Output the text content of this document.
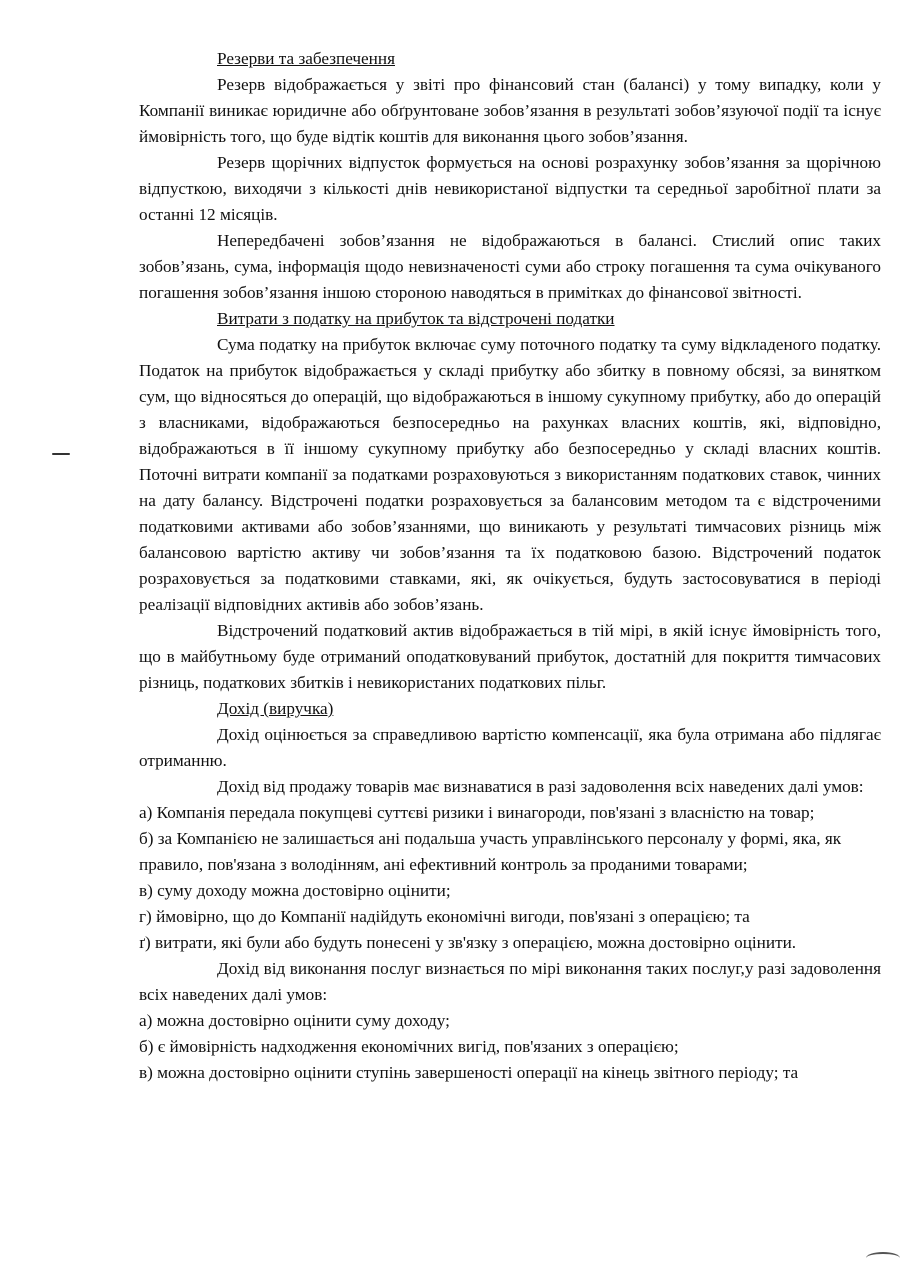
Резерви та забезпечення

Резерв відображається у звіті про фінансовий стан (балансі) у тому випадку, коли у Компанії виникає юридичне або обґрунтоване зобов’язання в результаті зобов’язуючої події та існує ймовірність того, що буде відтік коштів для виконання цього зобов’язання.

Резерв щорічних відпусток формується на основі розрахунку зобов’язання за щорічною відпусткою, виходячи з кількості днів невикористаної відпустки та середньої заробітної плати за останні 12 місяців.

Непередбачені зобов’язання не відображаються в балансі. Стислий опис таких зобов’язань, сума, інформація щодо невизначеності суми або строку погашення та сума очікуваного погашення зобов’язання іншою стороною наводяться в примітках до фінансової звітності.

Витрати з податку на прибуток та відстрочені податки

Сума податку на прибуток включає суму поточного податку та суму відкладеного податку. Податок на прибуток відображається у складі прибутку або збитку в повному обсязі, за винятком сум, що відносяться до операцій, що відображаються в іншому сукупному прибутку, або до операцій з власниками, відображаються безпосередньо на рахунках власних коштів, які, відповідно, відображаються в її іншому сукупному прибутку або безпосередньо у складі власних коштів. Поточні витрати компанії за податками розраховуються з використанням податкових ставок, чинних на дату балансу. Відстрочені податки розраховується за балансовим методом та є відстроченими податковими активами або зобов’язаннями, що виникають у результаті тимчасових різниць між балансовою вартістю активу чи зобов’язання та їх податковою базою. Відстрочений податок розраховується за податковими ставками, які, як очікується, будуть застосовуватися в періоді реалізації відповідних активів або зобов’язань.

Відстрочений податковий актив відображається в тій мірі, в якій існує ймовірність того, що в майбутньому буде отриманий оподатковуваний прибуток, достатній для покриття тимчасових різниць, податкових збитків і невикористаних податкових пільг.

Дохід (виручка)

Дохід оцінюється за справедливою вартістю компенсації, яка була отримана або підлягає отриманню.

Дохід від продажу товарів має визнаватися в разі задоволення всіх наведених далі умов:

а) Компанія передала покупцеві суттєві ризики і винагороди, пов'язані з власністю на товар;

б) за Компанією не залишається ані подальша участь управлінського персоналу у формі, яка, як правило, пов'язана з володінням, ані ефективний контроль за проданими товарами;

в) суму доходу можна достовірно оцінити;

г) ймовірно, що до Компанії надійдуть економічні вигоди, пов'язані з операцією; та

ґ) витрати, які були або будуть понесені у зв'язку з операцією, можна достовірно оцінити.

Дохід від виконання послуг визнається по мірі виконання таких послуг,у разі задоволення всіх наведених далі умов:

а) можна достовірно оцінити суму доходу;

б) є ймовірність надходження економічних вигід, пов'язаних з операцією;

в) можна достовірно оцінити ступінь завершеності операції на кінець звітного періоду; та
